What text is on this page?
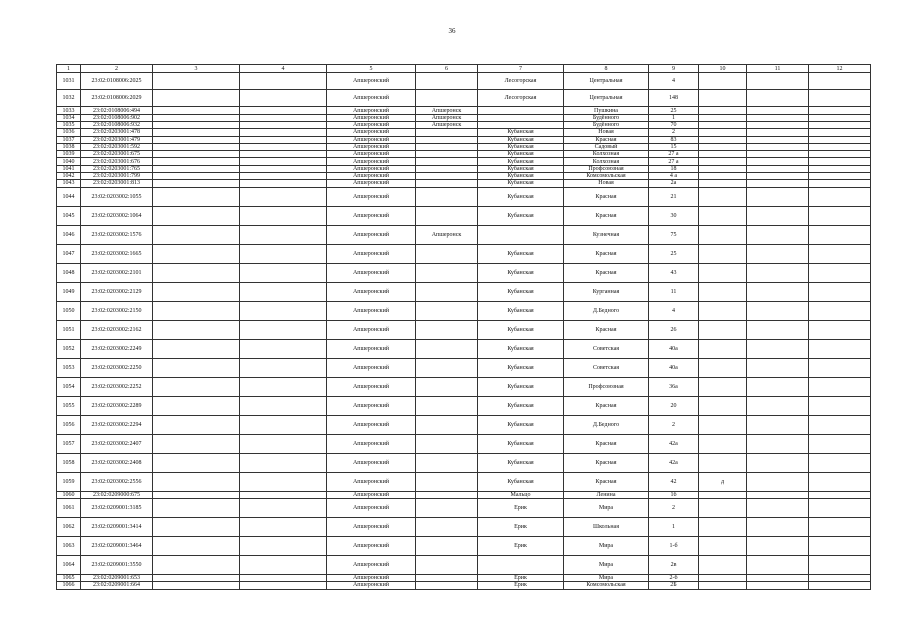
36
1	2	3	4	5	6	7	8	9	10	11	12
1031	23:02:0108006:2025			Апшеронский		Лесогорская	Центральная	4			
1032	23:02:0108006:2029			Апшеронский		Лесогорская	Центральная	148			
1033	23:02:0108006:494			Апшеронский	Апшеронск		Пушкина	25			
1034	23:02:0108006:902			Апшеронский	Апшеронск		Будённого	1			
1035	23:02:0108006:932			Апшеронский	Апшеронск		Будённого	70			
1036	23:02:0203001:478			Апшеронский		Кубанская	Новая	2			
1037	23:02:0203001:479			Апшеронский		Кубанская	Красная	83			
1038	23:02:0203001:592			Апшеронский		Кубанская	Садовый	15			
1039	23:02:0203001:675			Апшеронский		Кубанская	Колхозная	27 а			
1040	23:02:0203001:676			Апшеронский		Кубанская	Колхозная	27 а			
1041	23:02:0203001:765			Апшеронский		Кубанская	Профсоюзная	18			
1042	23:02:0203001:799			Апшеронский		Кубанская	Комсомольская	4 а			
1043	23:02:0203001:813			Апшеронский		Кубанская	Новая	2а			
1044	23:02:0203002:1055			Апшеронский		Кубанская	Красная	21			
1045	23:02:0203002:1064			Апшеронский		Кубанская	Красная	30			
1046	23:02:0203002:1576			Апшеронский	Апшеронск		Кузнечная	75			
1047	23:02:0203002:1665			Апшеронский		Кубанская	Красная	25			
1048	23:02:0203002:2101			Апшеронский		Кубанская	Красная	43			
1049	23:02:0203002:2129			Апшеронский		Кубанская	Курганная	11			
1050	23:02:0203002:2150			Апшеронский		Кубанская	Д.Бедного	4			
1051	23:02:0203002:2162			Апшеронский		Кубанская	Красная	26			
1052	23:02:0203002:2249			Апшеронский		Кубанская	Советская	40а			
1053	23:02:0203002:2250			Апшеронский		Кубанская	Советская	40а			
1054	23:02:0203002:2252			Апшеронский		Кубанская	Профсоюзная	36а			
1055	23:02:0203002:2289			Апшеронский		Кубанская	Красная	20			
1056	23:02:0203002:2294			Апшеронский		Кубанская	Д.Бедного	2			
1057	23:02:0203002:2407			Апшеронский		Кубанская	Красная	42а			
1058	23:02:0203002:2408			Апшеронский		Кубанская	Красная	42а			
1059	23:02:0203002:2556			Апшеронский		Кубанская	Красная	42	д		
1060	23:02:0209000:675			Апшеронский		Мальцо	Ленина	1б			
1061	23:02:0209001:3185			Апшеронский		Ерик	Мира	2			
1062	23:02:0209001:3414			Апшеронский		Ерик	Школьная	1			
1063	23:02:0209001:3464			Апшеронский		Ерик	Мира	1-б			
1064	23:02:0209001:3550			Апшеронский			Мира	2в			
1065	23:02:0209001:653			Апшеронский		Ерик	Мира	2-б			
1066	23:02:0209001:664			Апшеронский		Ерик	Комсомольская	2Б			
